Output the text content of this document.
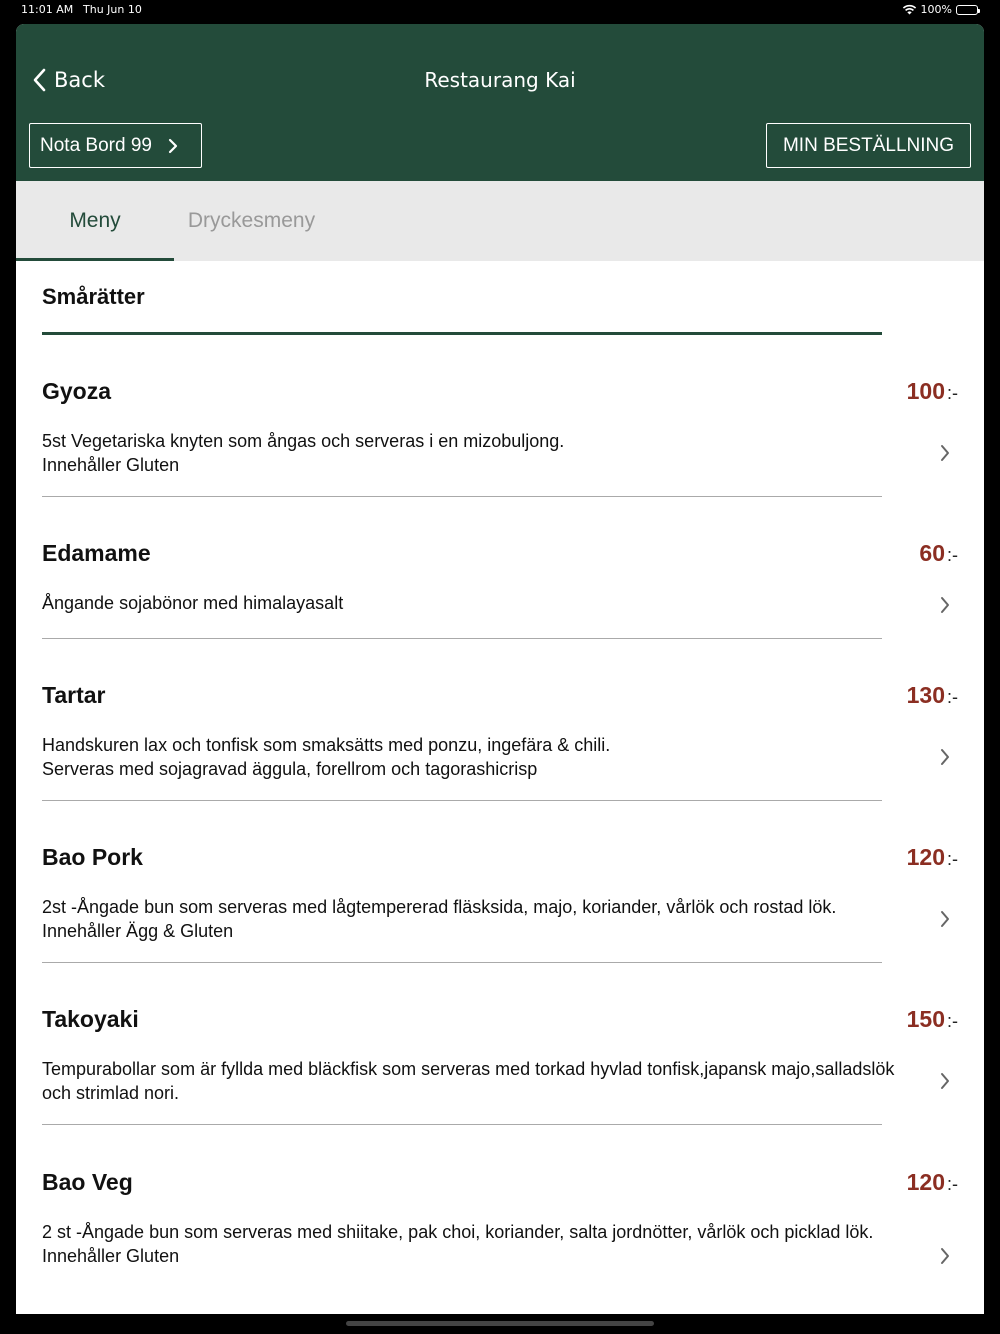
11:01 AM Thu Jun 10	100%
Back	Restaurang Kai
Nota Bord 99	MIN BESTÄLLNING
Meny	Dryckesmeny
Smårätter
Gyoza	100 :-
5st Vegetariska knyten som ångas och serveras i en mizobuljong.
Innehåller Gluten
Edamame	60 :-
Ångande sojabönor med himalayasalt
Tartar	130 :-
Handskuren lax och tonfisk som smaksätts med ponzu, ingefära & chili.
Serveras med sojagravad äggula, forellrom och tagorashicrisp
Bao Pork	120 :-
2st -Ångade bun som serveras med lågtempererad fläsksida, majo, koriander, vårlök och rostad lök. Innehåller Ägg & Gluten
Takoyaki	150 :-
Tempurabollar som är fyllda med bläckfisk som serveras med torkad hyvlad tonfisk,japansk majo,salladslök och strimlad nori.
Bao Veg	120 :-
2 st -Ångade bun som serveras med shiitake, pak choi, koriander, salta jordnötter, vårlök och picklad lök.
Innehåller Gluten
